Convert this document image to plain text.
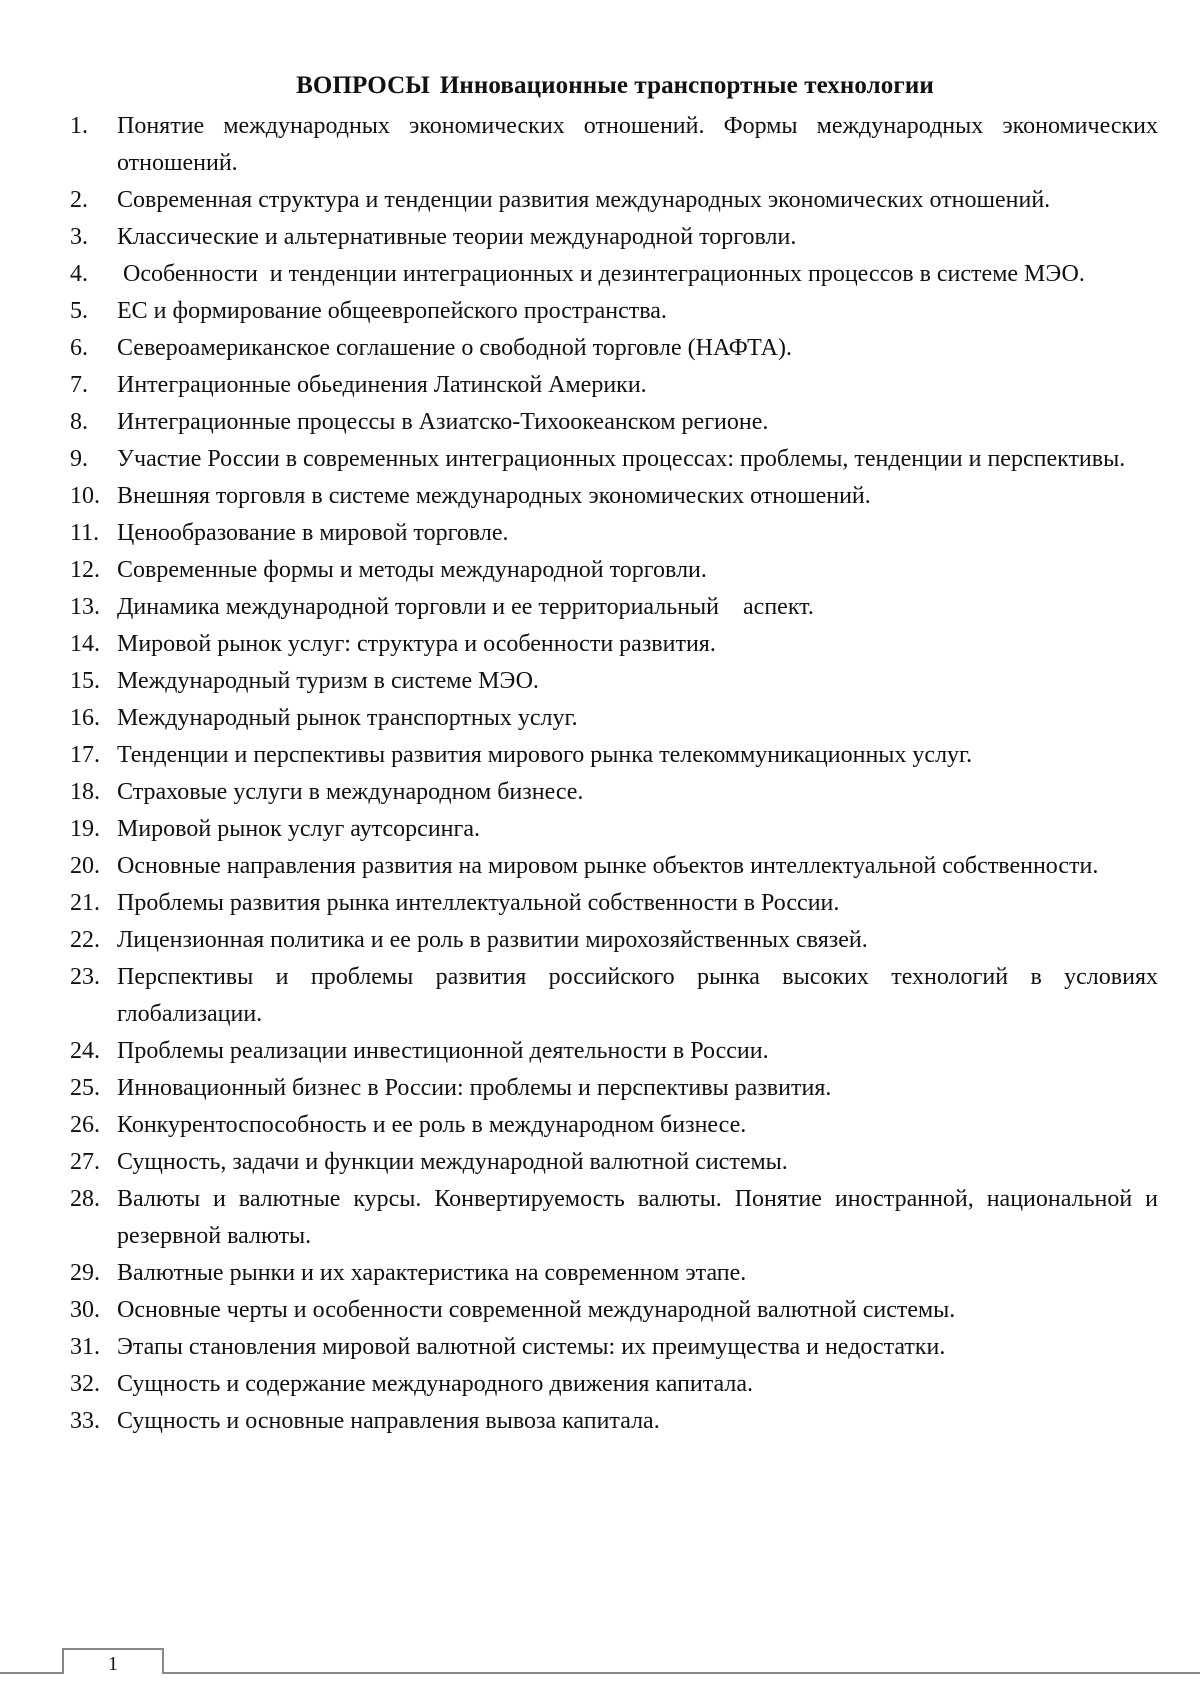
ВОПРОСЫ Инновационные транспортные технологии
1.	Понятие международных экономических отношений. Формы международных экономических отношений.
2.	Современная структура и тенденции развития международных экономических отношений.
3.	Классические и альтернативные теории международной торговли.
4.	Особенности  и тенденции интеграционных и дезинтеграционных процессов в системе МЭО.
5.	ЕС и формирование общеевропейского пространства.
6.	Североамериканское соглашение о свободной торговле (НАФТА).
7.	Интеграционные обьединения Латинской Америки.
8.	Интеграционные процессы в Азиатско-Тихоокеанском регионе.
9.	Участие России в современных интеграционных процессах: проблемы, тенденции и перспективы.
10. Внешняя торговля в системе международных экономических отношений.
11. Ценообразование в мировой торговле.
12. Современные формы и методы международной торговли.
13. Динамика международной торговли и ее территориальный    аспект.
14. Мировой рынок услуг: структура и особенности развития.
15. Международный туризм в системе МЭО.
16. Международный рынок транспортных услуг.
17. Тенденции и перспективы развития мирового рынка телекоммуникационных услуг.
18. Страховые услуги в международном бизнесе.
19. Мировой рынок услуг аутсорсинга.
20. Основные направления развития на мировом рынке объектов интеллектуальной собственности.
21. Проблемы развития рынка интеллектуальной собственности в России.
22. Лицензионная политика и ее роль в развитии мирохозяйственных связей.
23. Перспективы и проблемы развития российского рынка высоких технологий в условиях глобализации.
24. Проблемы реализации инвестиционной деятельности в России.
25. Инновационный бизнес в России: проблемы и перспективы развития.
26. Конкурентоспособность и ее роль в международном бизнесе.
27. Сущность, задачи и функции международной валютной системы.
28. Валюты и валютные курсы. Конвертируемость валюты. Понятие иностранной, национальной и резервной валюты.
29. Валютные рынки и их характеристика на современном этапе.
30. Основные черты и особенности современной международной валютной системы.
31. Этапы становления мировой валютной системы: их преимущества и недостатки.
32. Сущность и содержание международного движения капитала.
33. Сущность и основные направления вывоза капитала.
1
